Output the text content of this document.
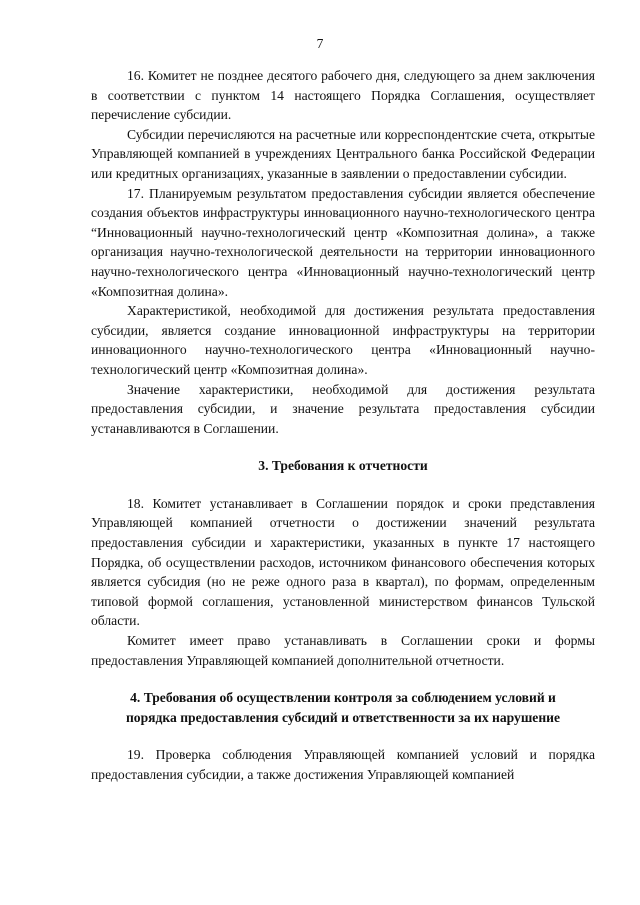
7

16. Комитет не позднее десятого рабочего дня, следующего за днем заключения в соответствии с пунктом 14 настоящего Порядка Соглашения, осуществляет перечисление субсидии.

Субсидии перечисляются на расчетные или корреспондентские счета, открытые Управляющей компанией в учреждениях Центрального банка Российской Федерации или кредитных организациях, указанные в заявлении о предоставлении субсидии.

17. Планируемым результатом предоставления субсидии является обеспечение создания объектов инфраструктуры инновационного научно-технологического центра “Инновационный научно-технологический центр «Композитная долина», а также организация научно-технологической деятельности на территории инновационного научно-технологического центра «Инновационный научно-технологический центр «Композитная долина».

Характеристикой, необходимой для достижения результата предоставления субсидии, является создание инновационной инфраструктуры на территории инновационного научно-технологического центра «Инновационный научно-технологический центр «Композитная долина».

Значение характеристики, необходимой для достижения результата предоставления субсидии, и значение результата предоставления субсидии устанавливаются в Соглашении.

3. Требования к отчетности

18. Комитет устанавливает в Соглашении порядок и сроки представления Управляющей компанией отчетности о достижении значений результата предоставления субсидии и характеристики, указанных в пункте 17 настоящего Порядка, об осуществлении расходов, источником финансового обеспечения которых является субсидия (но не реже одного раза в квартал), по формам, определенным типовой формой соглашения, установленной министерством финансов Тульской области.

Комитет имеет право устанавливать в Соглашении сроки и формы предоставления Управляющей компанией дополнительной отчетности.

4. Требования об осуществлении контроля за соблюдением условий и
порядка предоставления субсидий и ответственности за их нарушение

19. Проверка соблюдения Управляющей компанией условий и порядка предоставления субсидии, а также достижения Управляющей компанией
